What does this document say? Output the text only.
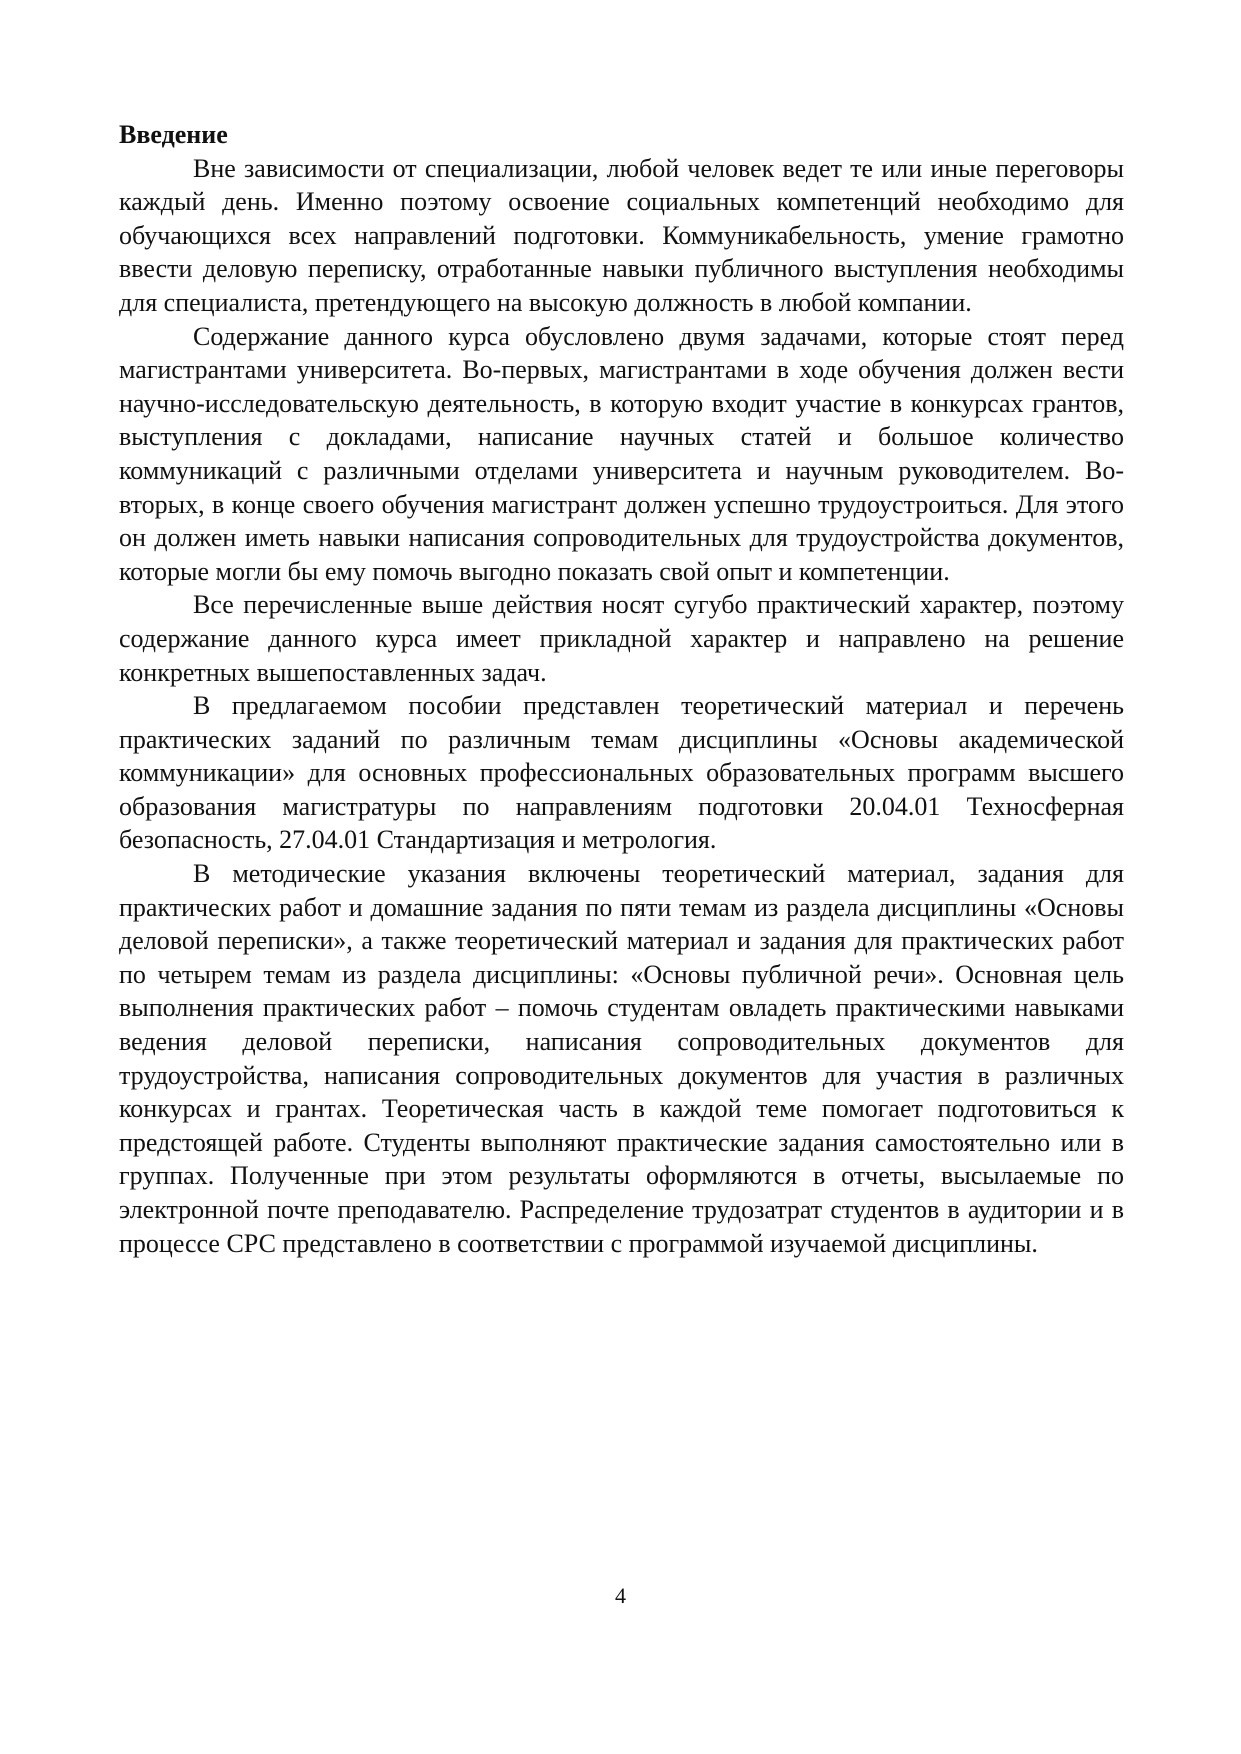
Введение

Вне зависимости от специализации, любой человек ведет те или иные переговоры каждый день. Именно поэтому освоение социальных компетенций необходимо для обучающихся всех направлений подготовки. Коммуникабельность, умение грамотно ввести деловую переписку, отработанные навыки публичного выступления необходимы для специалиста, претендующего на высокую должность в любой компании.

Содержание данного курса обусловлено двумя задачами, которые стоят перед магистрантами университета. Во-первых, магистрантами в ходе обучения должен вести научно-исследовательскую деятельность, в которую входит участие в конкурсах грантов, выступления с докладами, написание научных статей и большое количество коммуникаций с различными отделами университета и научным руководителем. Во-вторых, в конце своего обучения магистрант должен успешно трудоустроиться. Для этого он должен иметь навыки написания сопроводительных для трудоустройства документов, которые могли бы ему помочь выгодно показать свой опыт и компетенции.

Все перечисленные выше действия носят сугубо практический характер, поэтому содержание данного курса имеет прикладной характер и направлено на решение конкретных вышепоставленных задач.

В предлагаемом пособии представлен теоретический материал и перечень практических заданий по различным темам дисциплины «Основы академической коммуникации» для основных профессиональных образовательных программ высшего образования магистратуры по направлениям подготовки 20.04.01 Техносферная безопасность, 27.04.01 Стандартизация и метрология.

В методические указания включены теоретический материал, задания для практических работ и домашние задания по пяти темам из раздела дисциплины «Основы деловой переписки», а также теоретический материал и задания для практических работ по четырем темам из раздела дисциплины: «Основы публичной речи». Основная цель выполнения практических работ – помочь студентам овладеть практическими навыками ведения деловой переписки, написания сопроводительных документов для трудоустройства, написания сопроводительных документов для участия в различных конкурсах и грантах. Теоретическая часть в каждой теме помогает подготовиться к предстоящей работе. Студенты выполняют практические задания самостоятельно или в группах. Полученные при этом результаты оформляются в отчеты, высылаемые по электронной почте преподавателю. Распределение трудозатрат студентов в аудитории и в процессе СРС представлено в соответствии с программой изучаемой дисциплины.

4
